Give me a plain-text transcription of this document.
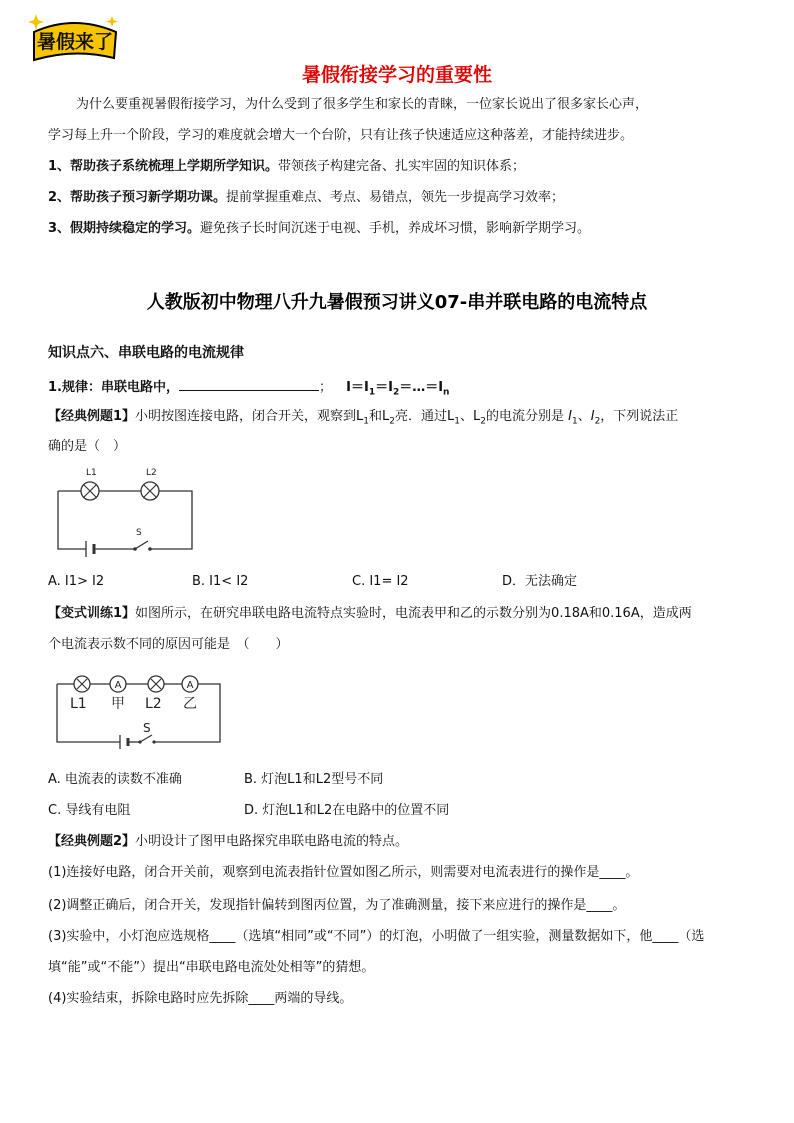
暑假来了
暑假衔接学习的重要性
为什么要重视暑假衔接学习，为什么受到了很多学生和家长的青睐，一位家长说出了很多家长心声，
学习每上升一个阶段，学习的难度就会增大一个台阶，只有让孩子快速适应这种落差，才能持续进步。
1、帮助孩子系统梳理上学期所学知识。带领孩子构建完备、扎实牢固的知识体系；
2、帮助孩子预习新学期功课。提前掌握重难点、考点、易错点，领先一步提高学习效率；
3、假期持续稳定的学习。避免孩子长时间沉迷于电视、手机，养成坏习惯，影响新学期学习。
人教版初中物理八升九暑假预习讲义07-串并联电路的电流特点
知识点六、串联电路的电流规律
1.规律：串联电路中，	； $I=I_1=I_2=\dots=I_n$
【经典例题1】小明按图连接电路，闭合开关，观察到$L_1$和$L_2$亮．通过$L_1$、$L_2$的电流分别是 $I_1$、$I_2$，下列说法正
确的是（　）
L1	L2
S
A. I1> I2	B. I1< I2	C. I1= I2	D．无法确定
【变式训练1】如图所示，在研究串联电路电流特点实验时，电流表甲和乙的示数分别为0.18A和0.16A，造成两
个电流表示数不同的原因可能是　（　　）
A	A
L1 甲 L2 乙
S
A. 电流表的读数不准确	B. 灯泡L1和L2型号不同
C. 导线有电阻	D. 灯泡L1和L2在电路中的位置不同
【经典例题2】小明设计了图甲电路探究串联电路电流的特点。
(1)连接好电路，闭合开关前，观察到电流表指针位置如图乙所示，则需要对电流表进行的操作是____。
(2)调整正确后，闭合开关，发现指针偏转到图丙位置，为了准确测量，接下来应进行的操作是____。
(3)实验中，小灯泡应选规格____（选填“相同”或“不同”）的灯泡，小明做了一组实验，测量数据如下，他____（选
填“能”或“不能”）提出“串联电路电流处处相等”的猜想。
(4)实验结束，拆除电路时应先拆除____两端的导线。
